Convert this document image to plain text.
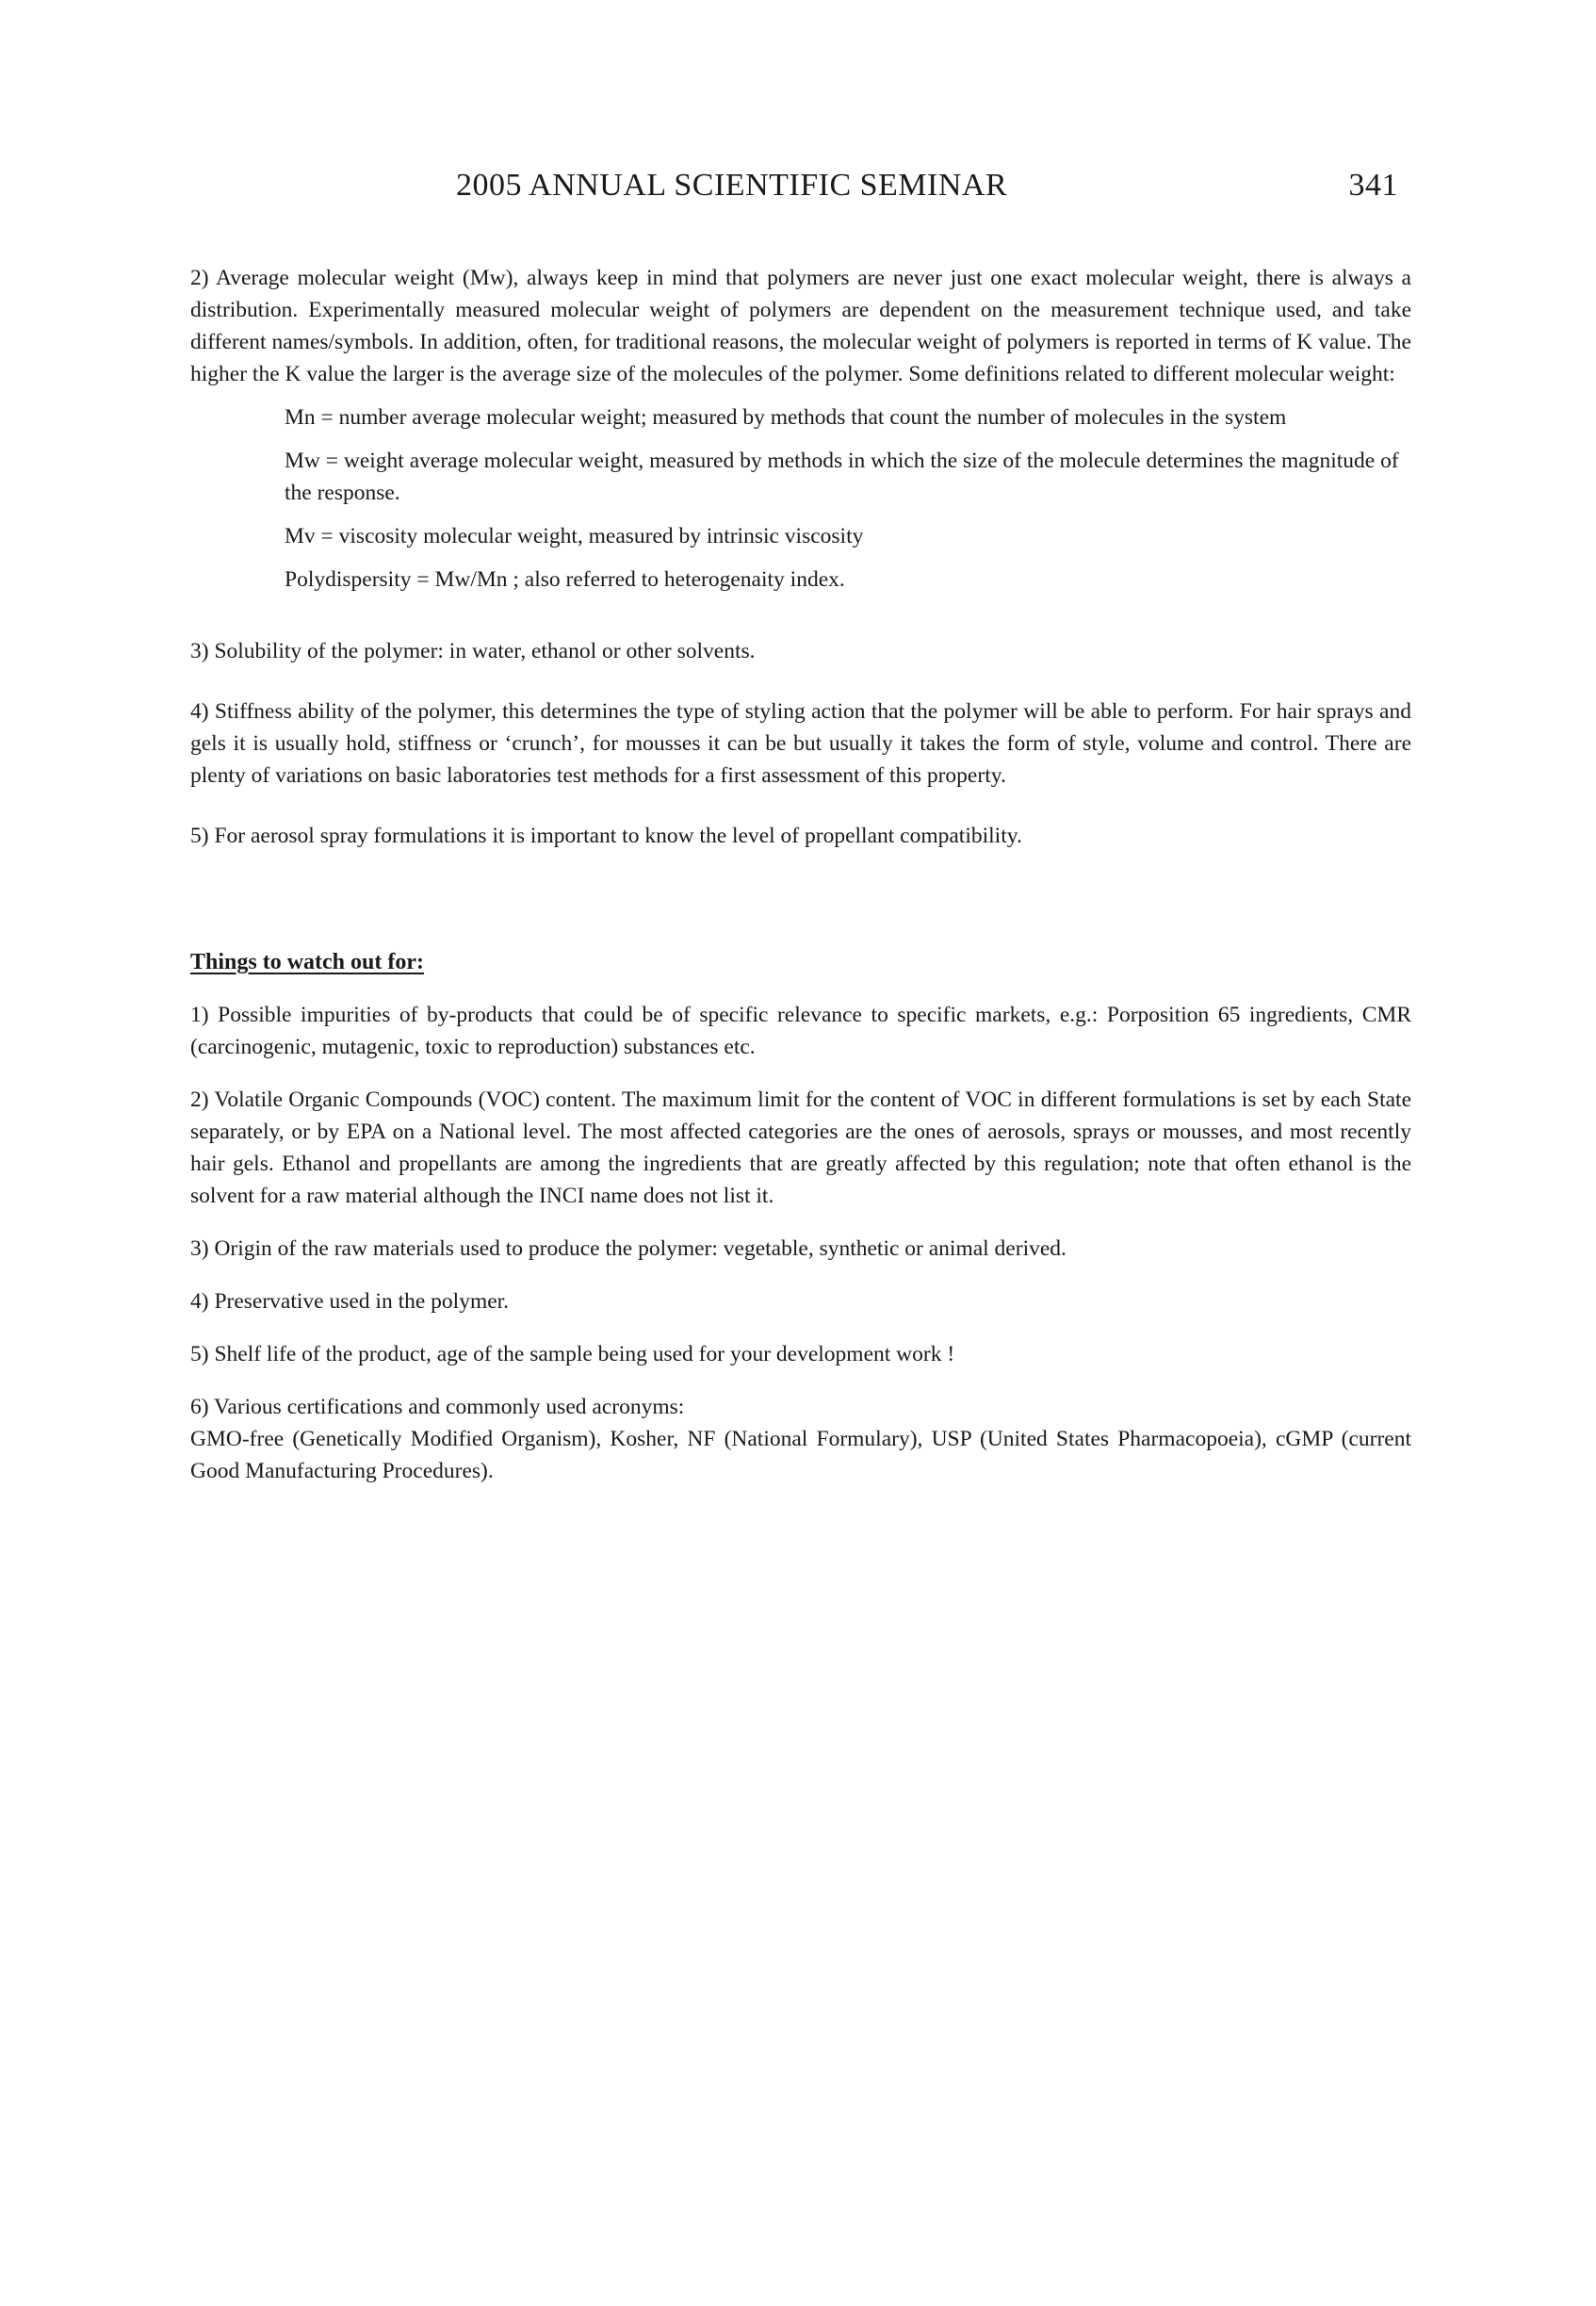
2005 ANNUAL SCIENTIFIC SEMINAR	341

2) Average molecular weight (Mw), always keep in mind that polymers are never just one exact molecular weight, there is always a distribution. Experimentally measured molecular weight of polymers are dependent on the measurement technique used, and take different names/symbols. In addition, often, for traditional reasons, the molecular weight of polymers is reported in terms of K value. The higher the K value the larger is the average size of the molecules of the polymer. Some definitions related to different molecular weight:

Mn = number average molecular weight; measured by methods that count the number of molecules in the system

Mw = weight average molecular weight, measured by methods in which the size of the molecule determines the magnitude of the response.

Mv = viscosity molecular weight, measured by intrinsic viscosity

Polydispersity = Mw/Mn ; also referred to heterogenaity index.

3) Solubility of the polymer: in water, ethanol or other solvents.

4) Stiffness ability of the polymer, this determines the type of styling action that the polymer will be able to perform. For hair sprays and gels it is usually hold, stiffness or ‘crunch’, for mousses it can be but usually it takes the form of style, volume and control. There are plenty of variations on basic laboratories test methods for a first assessment of this property.

5) For aerosol spray formulations it is important to know the level of propellant compatibility.

Things to watch out for:

1) Possible impurities of by-products that could be of specific relevance to specific markets, e.g.: Porposition 65 ingredients, CMR (carcinogenic, mutagenic, toxic to reproduction) substances etc.

2) Volatile Organic Compounds (VOC) content. The maximum limit for the content of VOC in different formulations is set by each State separately, or by EPA on a National level. The most affected categories are the ones of aerosols, sprays or mousses, and most recently hair gels. Ethanol and propellants are among the ingredients that are greatly affected by this regulation; note that often ethanol is the solvent for a raw material although the INCI name does not list it.

3) Origin of the raw materials used to produce the polymer: vegetable, synthetic or animal derived.

4) Preservative used in the polymer.

5) Shelf life of the product, age of the sample being used for your development work !

6) Various certifications and commonly used acronyms:

GMO-free (Genetically Modified Organism), Kosher, NF (National Formulary), USP (United States Pharmacopoeia), cGMP (current Good Manufacturing Procedures).
